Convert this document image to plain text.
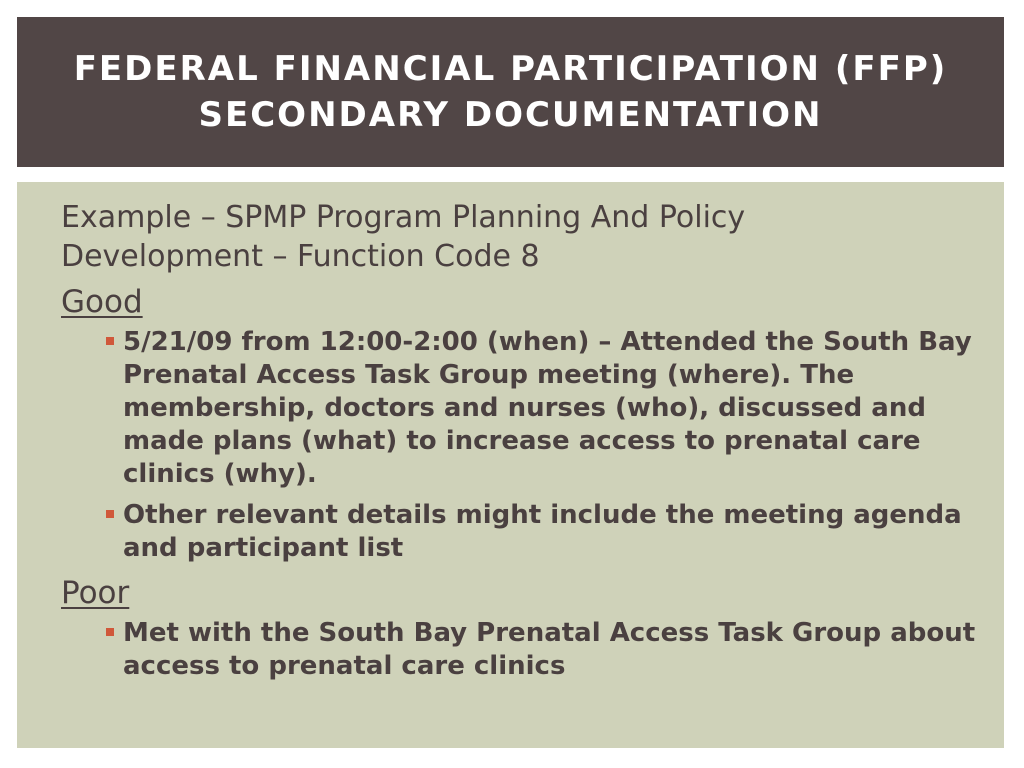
FEDERAL FINANCIAL PARTICIPATION (FFP)
SECONDARY DOCUMENTATION

Example – SPMP Program Planning And Policy
Development – Function Code 8

Good
5/21/09 from 12:00-2:00 (when) – Attended the South Bay Prenatal Access Task Group meeting (where). The membership, doctors and nurses (who), discussed and made plans (what) to increase access to prenatal care clinics (why).
Other relevant details might include the meeting agenda and participant list
Poor
Met with the South Bay Prenatal Access Task Group about access to prenatal care clinics
